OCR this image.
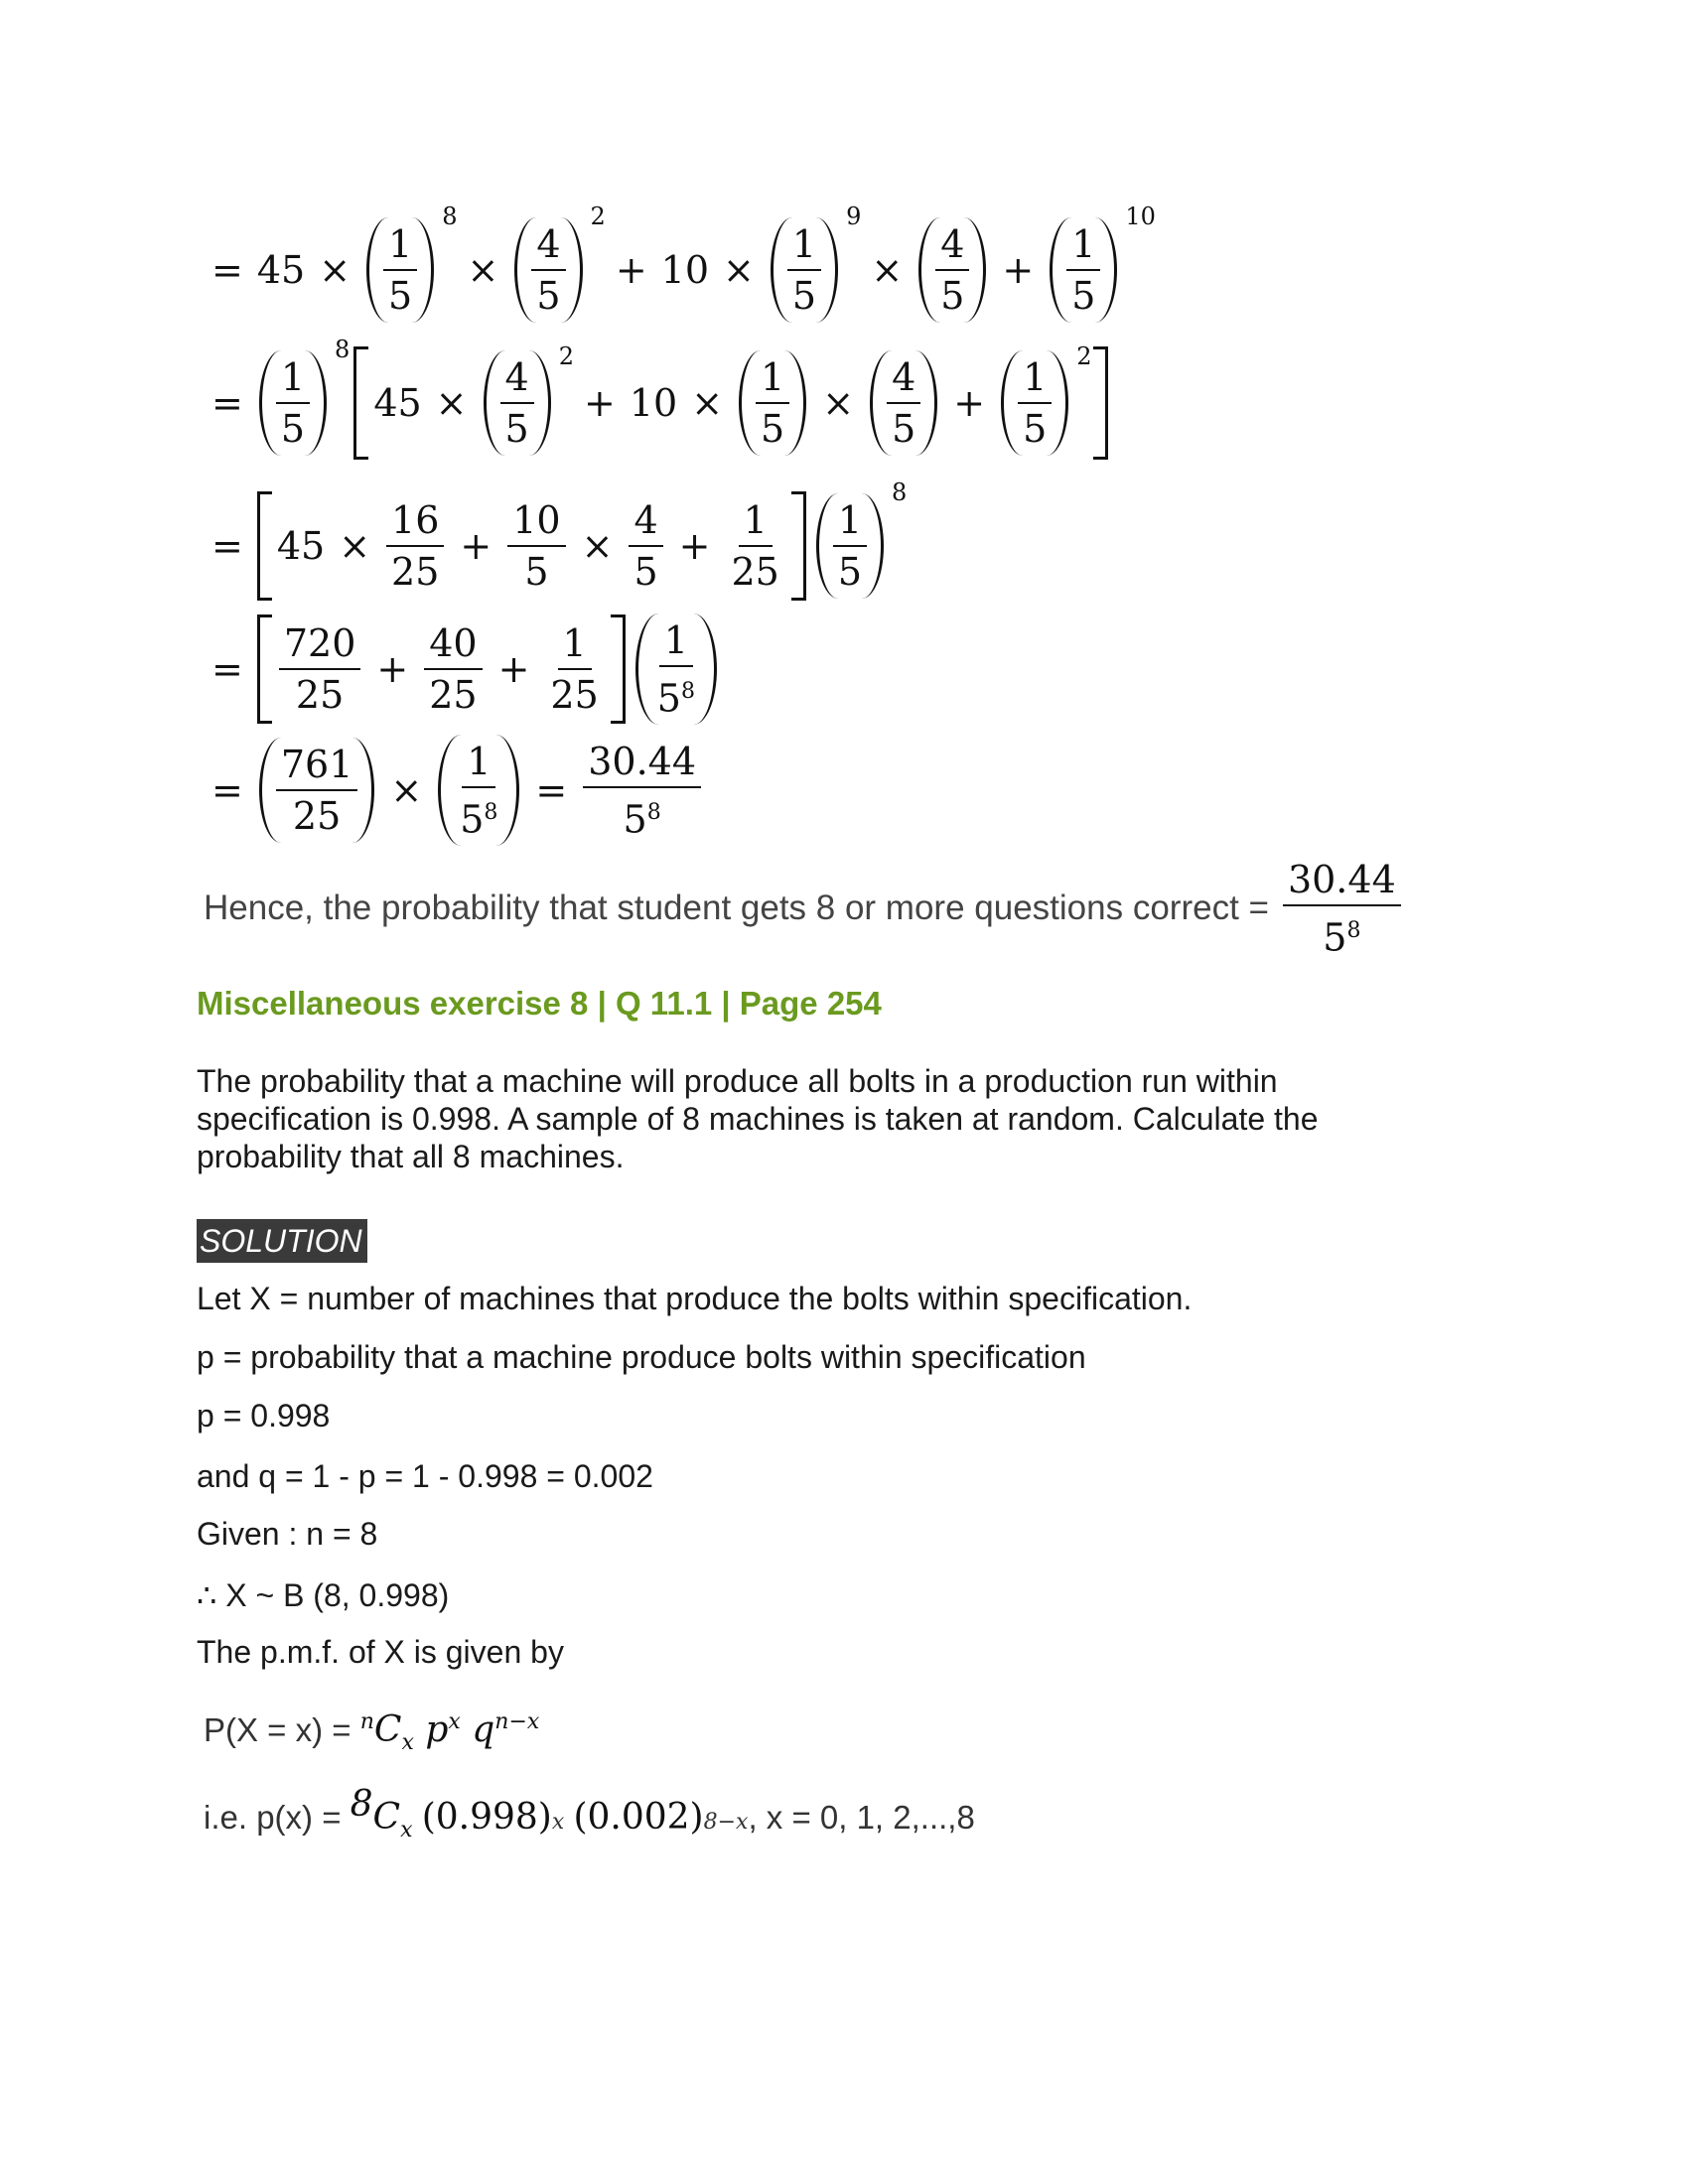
= $45 \times \frac{1}{5}$
8
× $\frac{4}{5}$
2
+ $10 \times \frac{1}{5}$
9
× $\frac{4}{5} + \frac{1}{5}$
10
= $\frac{1}{5}$
8
$45 \times \frac{4}{5} 2$
+ $10 \times \frac{1}{5} \times \frac{4}{5} + \frac{1}{5} 2$
= $45 \times \frac{16}{25} + \frac{10}{5} \times \frac{4}{5} + \frac{1}{25} \frac{1}{5}$
8
= $\frac{720}{25} + \frac{40}{25} + \frac{1}{25} \frac{1}{5^8}$
= $\frac{761}{25} \times \frac{1}{5^8} = \frac{30.44}{5^8}$
Hence, the probability that student gets 8 or more questions correct = $\frac{30.44}{5^8}$
Miscellaneous exercise 8 | Q 11.1 | Page 254
The probability that a machine will produce all bolts in a production run within specification is 0.998. A sample of 8 machines is taken at random. Calculate the probability that all 8 machines.
SOLUTION
Let X = number of machines that produce the bolts within specification.
p = probability that a machine produce bolts within specification
p = 0.998
and q = 1 - p = 1 - 0.998 = 0.002
Given : n = 8
∴ X ~ B (8, 0.998)
The p.m.f. of X is given by
P(X = x) =
$^nC_x$ $p^x$ $q^{n-x}$
i.e. p(x) =
$^8C_x$
(0.998) x
(0.002) 8−x , x = 0, 1, 2,...,8
